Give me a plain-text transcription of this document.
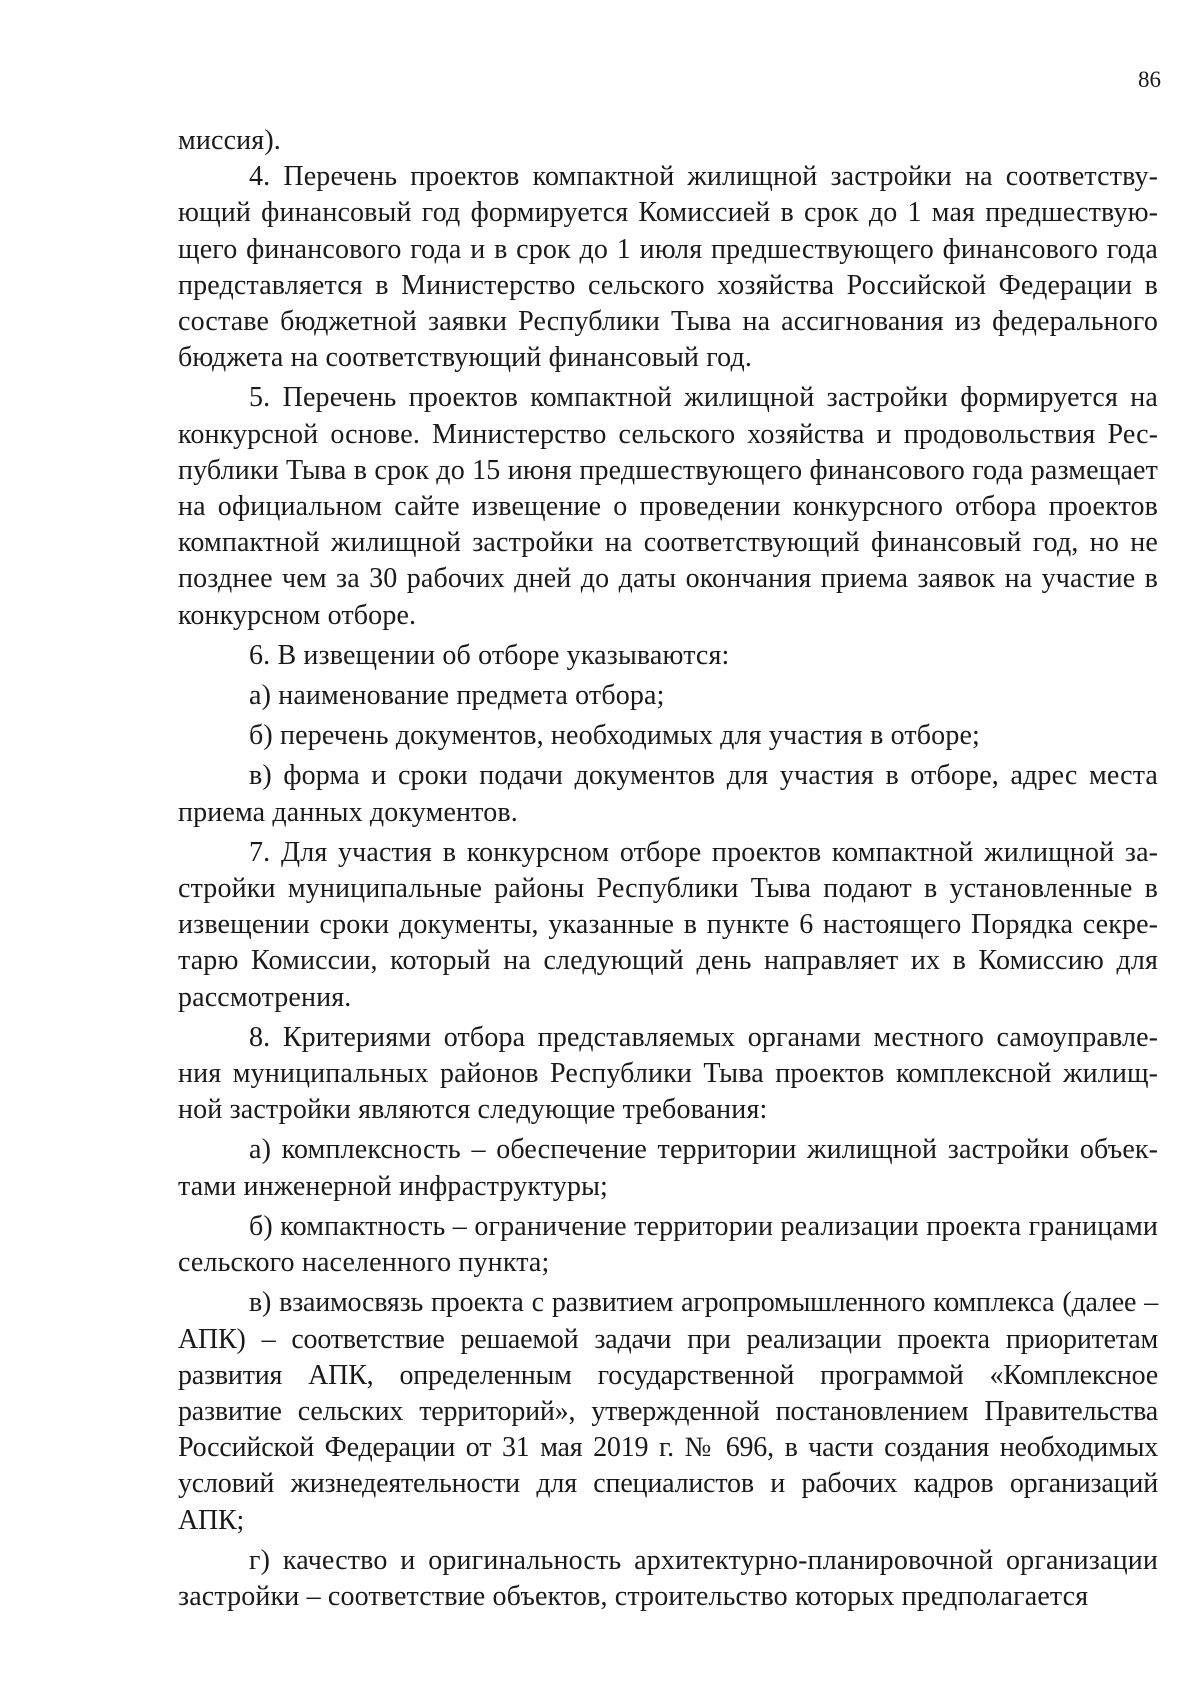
86

миссия).

4. Перечень проектов компактной жилищной застройки на соответствующий финансовый год формируется Комиссией в срок до 1 мая предшествующего финансового года и в срок до 1 июля предшествующего финансового года представляется в Министерство сельского хозяйства Российской Федерации в составе бюджетной заявки Республики Тыва на ассигнования из федерального бюджета на соответствующий финансовый год.

5. Перечень проектов компактной жилищной застройки формируется на конкурсной основе. Министерство сельского хозяйства и продовольствия Республики Тыва в срок до 15 июня предшествующего финансового года размещает на официальном сайте извещение о проведении конкурсного отбора проектов компактной жилищной застройки на соответствующий финансовый год, но не позднее чем за 30 рабочих дней до даты окончания приема заявок на участие в конкурсном отборе.

6. В извещении об отборе указываются:

а) наименование предмета отбора;

б) перечень документов, необходимых для участия в отборе;

в) форма и сроки подачи документов для участия в отборе, адрес места приема данных документов.

7. Для участия в конкурсном отборе проектов компактной жилищной застройки муниципальные районы Республики Тыва подают в установленные в извещении сроки документы, указанные в пункте 6 настоящего Порядка секретарю Комиссии, который на следующий день направляет их в Комиссию для рассмотрения.

8. Критериями отбора представляемых органами местного самоуправления муниципальных районов Республики Тыва проектов комплексной жилищной застройки являются следующие требования:

а) комплексность – обеспечение территории жилищной застройки объектами инженерной инфраструктуры;

б) компактность – ограничение территории реализации проекта границами сельского населенного пункта;

в) взаимосвязь проекта с развитием агропромышленного комплекса (далее – АПК) – соответствие решаемой задачи при реализации проекта приоритетам развития АПК, определенным государственной программой «Комплексное развитие сельских территорий», утвержденной постановлением Правительства Российской Федерации от 31 мая 2019 г. № 696, в части создания необходимых условий жизнедеятельности для специалистов и рабочих кадров организаций АПК;

г) качество и оригинальность архитектурно-планировочной организации застройки – соответствие объектов, строительство которых предполагается
